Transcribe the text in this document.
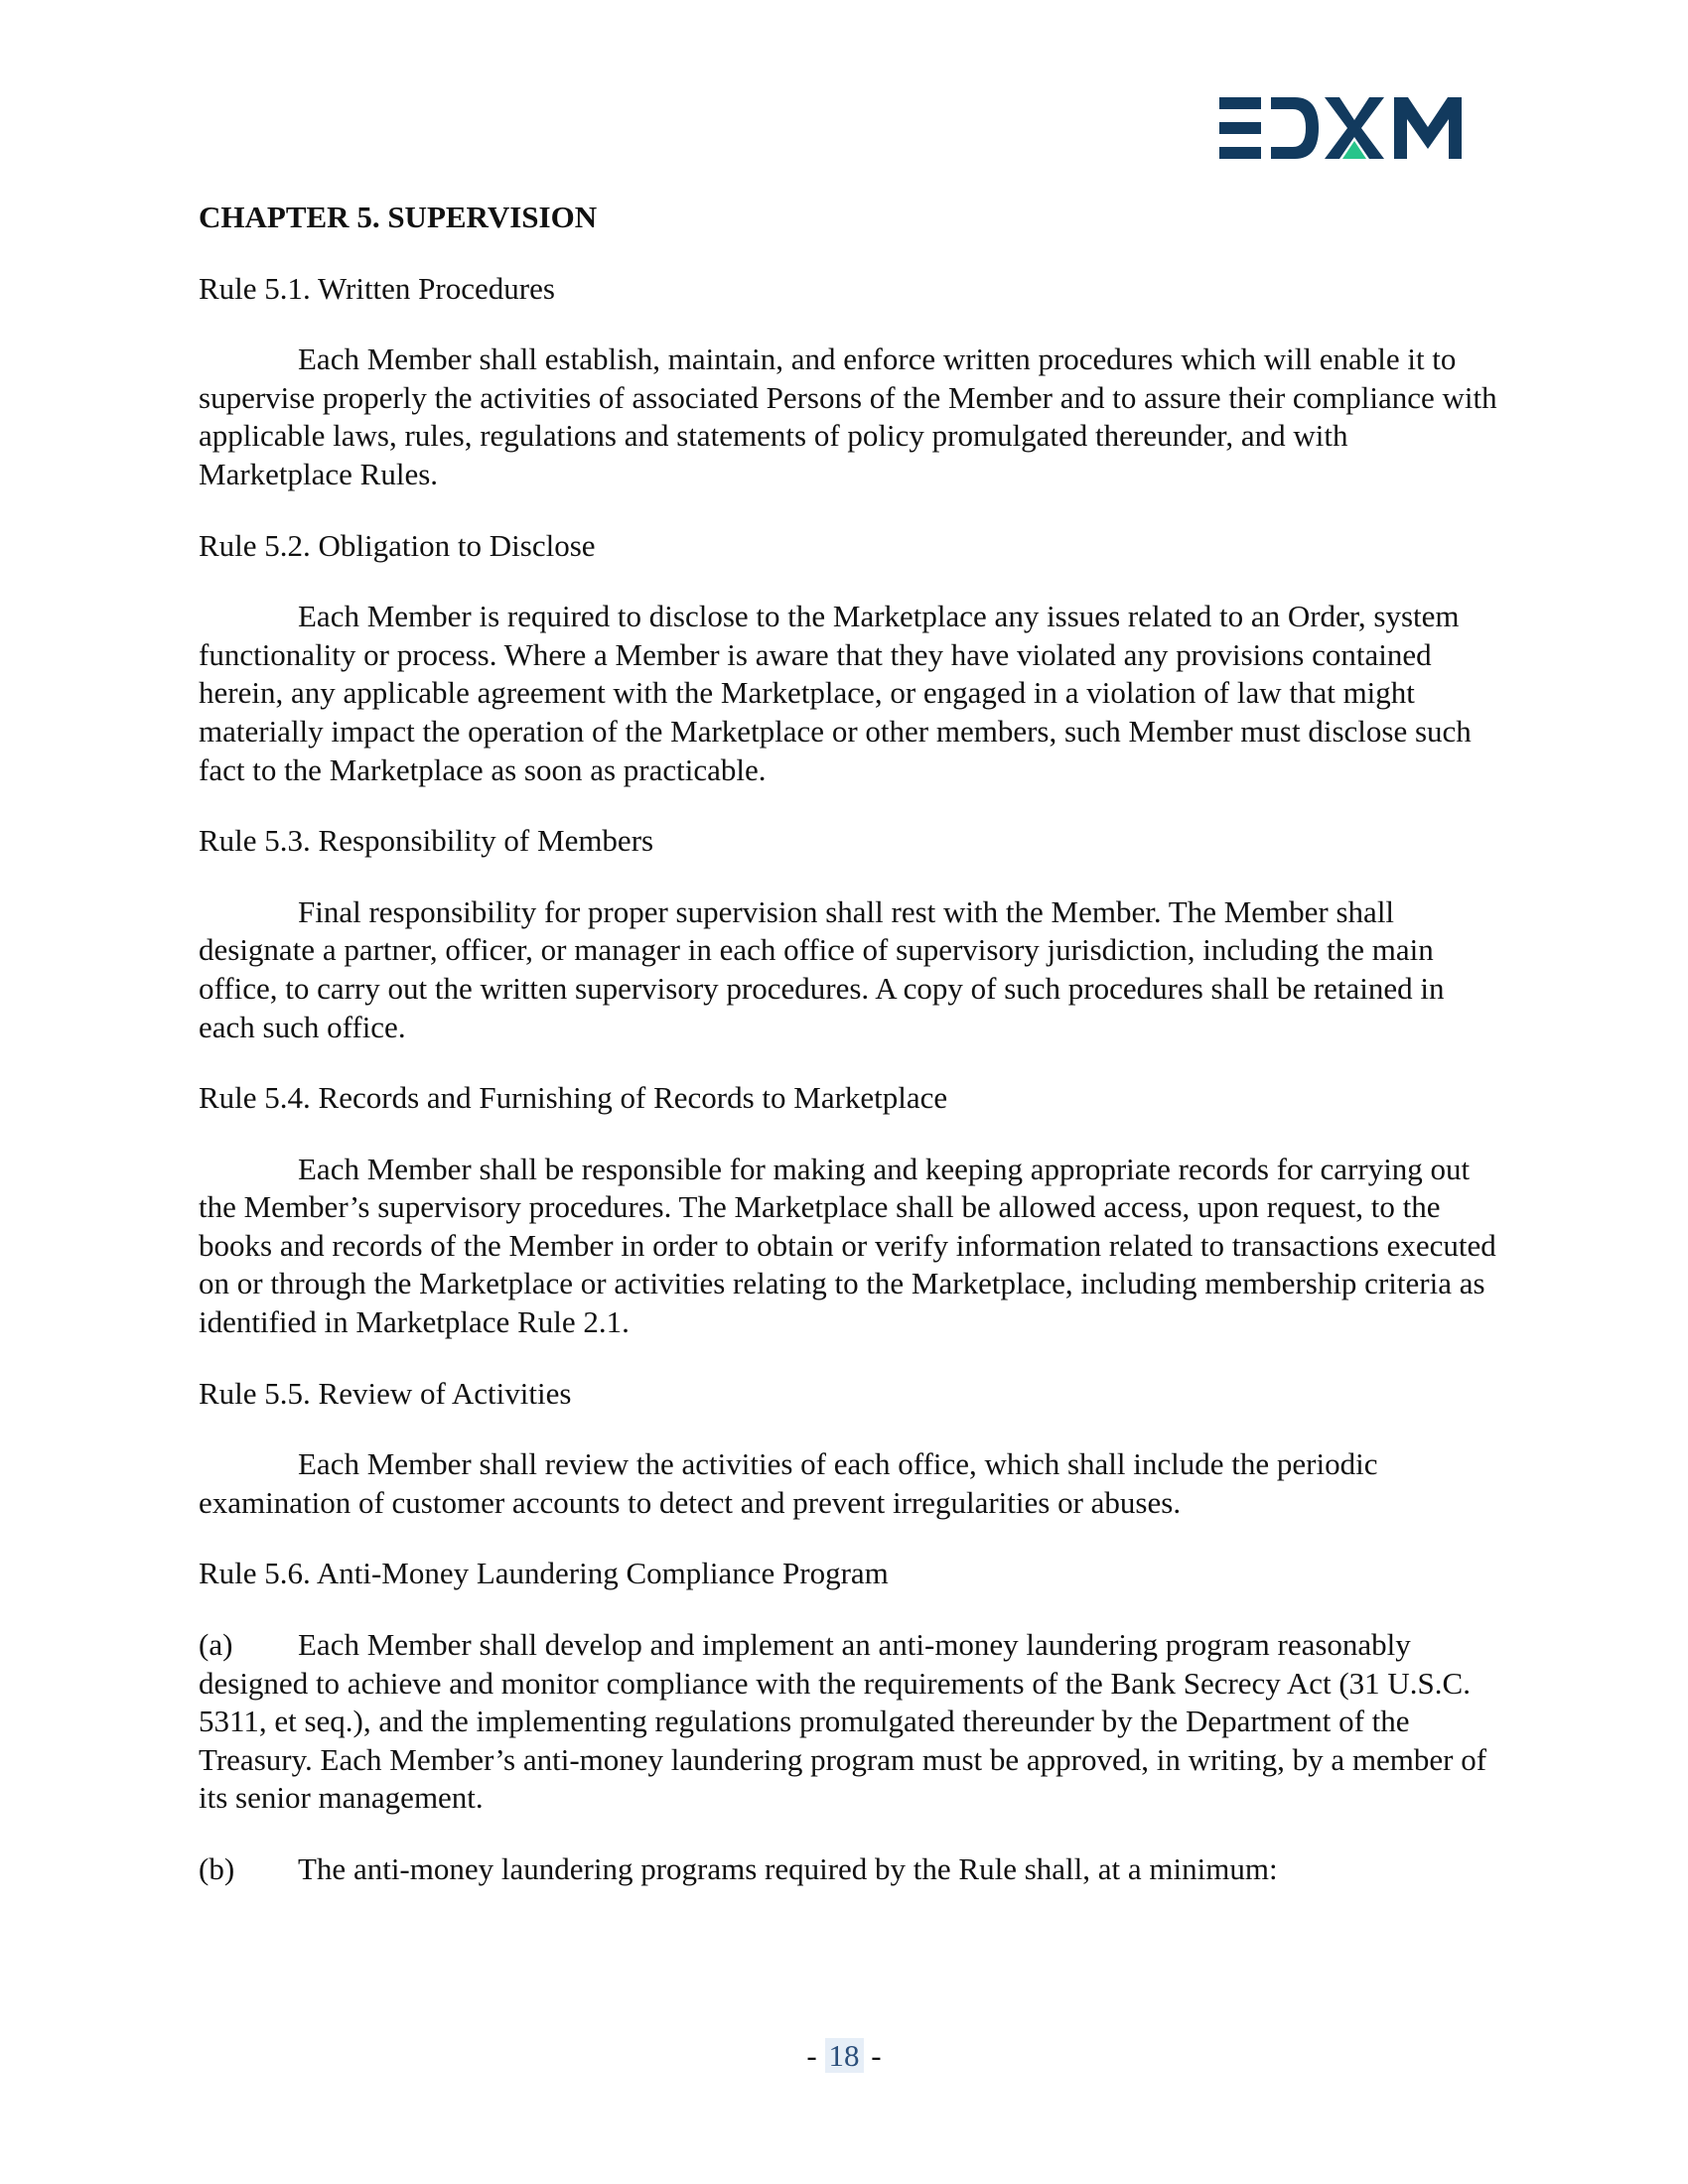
CHAPTER 5. SUPERVISION

Rule 5.1. Written Procedures

Each Member shall establish, maintain, and enforce written procedures which will enable it to supervise properly the activities of associated Persons of the Member and to assure their compliance with applicable laws, rules, regulations and statements of policy promulgated thereunder, and with Marketplace Rules.

Rule 5.2. Obligation to Disclose

Each Member is required to disclose to the Marketplace any issues related to an Order, system functionality or process. Where a Member is aware that they have violated any provisions contained herein, any applicable agreement with the Marketplace, or engaged in a violation of law that might materially impact the operation of the Marketplace or other members, such Member must disclose such fact to the Marketplace as soon as practicable.

Rule 5.3. Responsibility of Members

Final responsibility for proper supervision shall rest with the Member. The Member shall designate a partner, officer, or manager in each office of supervisory jurisdiction, including the main office, to carry out the written supervisory procedures. A copy of such procedures shall be retained in each such office.

Rule 5.4. Records and Furnishing of Records to Marketplace

Each Member shall be responsible for making and keeping appropriate records for carrying out the Member’s supervisory procedures. The Marketplace shall be allowed access, upon request, to the books and records of the Member in order to obtain or verify information related to transactions executed on or through the Marketplace or activities relating to the Marketplace, including membership criteria as identified in Marketplace Rule 2.1.

Rule 5.5. Review of Activities

Each Member shall review the activities of each office, which shall include the periodic examination of customer accounts to detect and prevent irregularities or abuses.

Rule 5.6. Anti-Money Laundering Compliance Program

(a) Each Member shall develop and implement an anti-money laundering program reasonably designed to achieve and monitor compliance with the requirements of the Bank Secrecy Act (31 U.S.C. 5311, et seq.), and the implementing regulations promulgated thereunder by the Department of the Treasury. Each Member’s anti-money laundering program must be approved, in writing, by a member of its senior management.

(b) The anti-money laundering programs required by the Rule shall, at a minimum:

- 18 -
